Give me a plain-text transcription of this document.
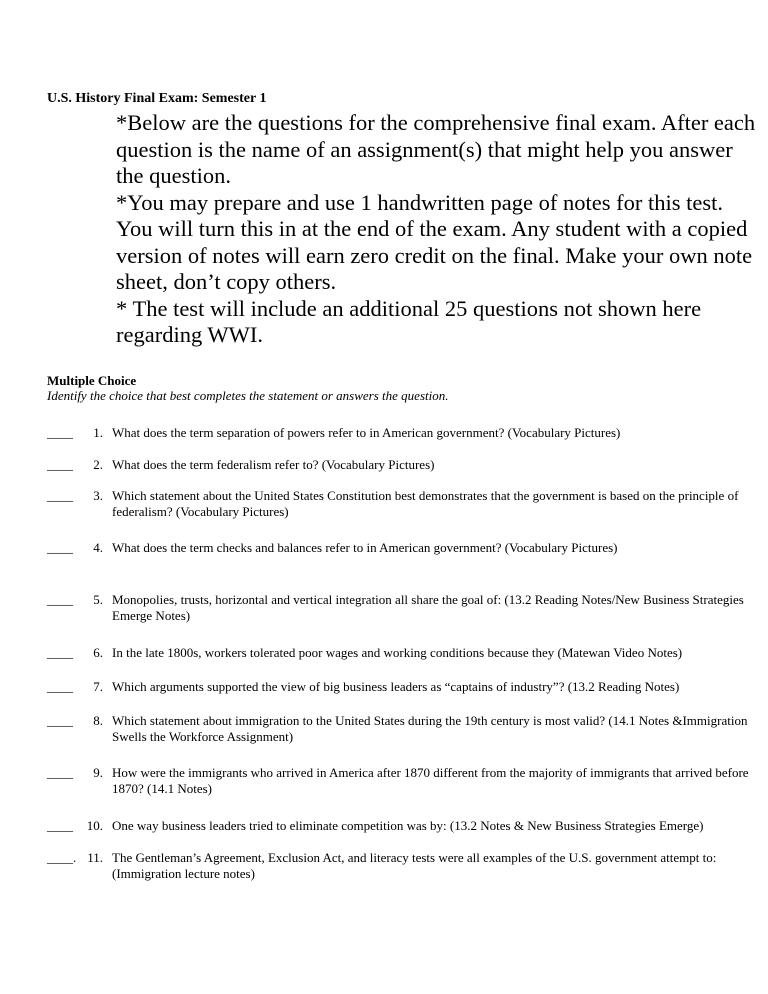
U.S. History Final Exam: Semester 1

*Below are the questions for the comprehensive final exam. After each question is the name of an assignment(s) that might help you answer the question.

*You may prepare and use 1 handwritten page of notes for this test. You will turn this in at the end of the exam. Any student with a copied version of notes will earn zero credit on the final. Make your own note sheet, don’t copy others.

* The test will include an additional 25 questions not shown here regarding WWI.

Multiple Choice
Identify the choice that best completes the statement or answers the question.
____	1. What does the term separation of powers refer to in American government? (Vocabulary Pictures)
____	2. What does the term federalism refer to? (Vocabulary Pictures)
____	3. Which statement about the United States Constitution best demonstrates that the government is based on the principle of federalism? (Vocabulary Pictures)
____	4. What does the term checks and balances refer to in American government? (Vocabulary Pictures)
____	5. Monopolies, trusts, horizontal and vertical integration all share the goal of: (13.2 Reading Notes/New Business Strategies Emerge Notes)
____	6. In the late 1800s, workers tolerated poor wages and working conditions because they (Matewan Video Notes)
____	7. Which arguments supported the view of big business leaders as “captains of industry”? (13.2 Reading Notes)
____	8. Which statement about immigration to the United States during the 19th century is most valid? (14.1 Notes &Immigration Swells the Workforce Assignment)
____	9. How were the immigrants who arrived in America after 1870 different from the majority of immigrants that arrived before 1870? (14.1 Notes)
____	10. One way business leaders tried to eliminate competition was by: (13.2 Notes & New Business Strategies Emerge)
____. 11. The Gentleman’s Agreement, Exclusion Act, and literacy tests were all examples of the U.S. government attempt to: (Immigration lecture notes)
